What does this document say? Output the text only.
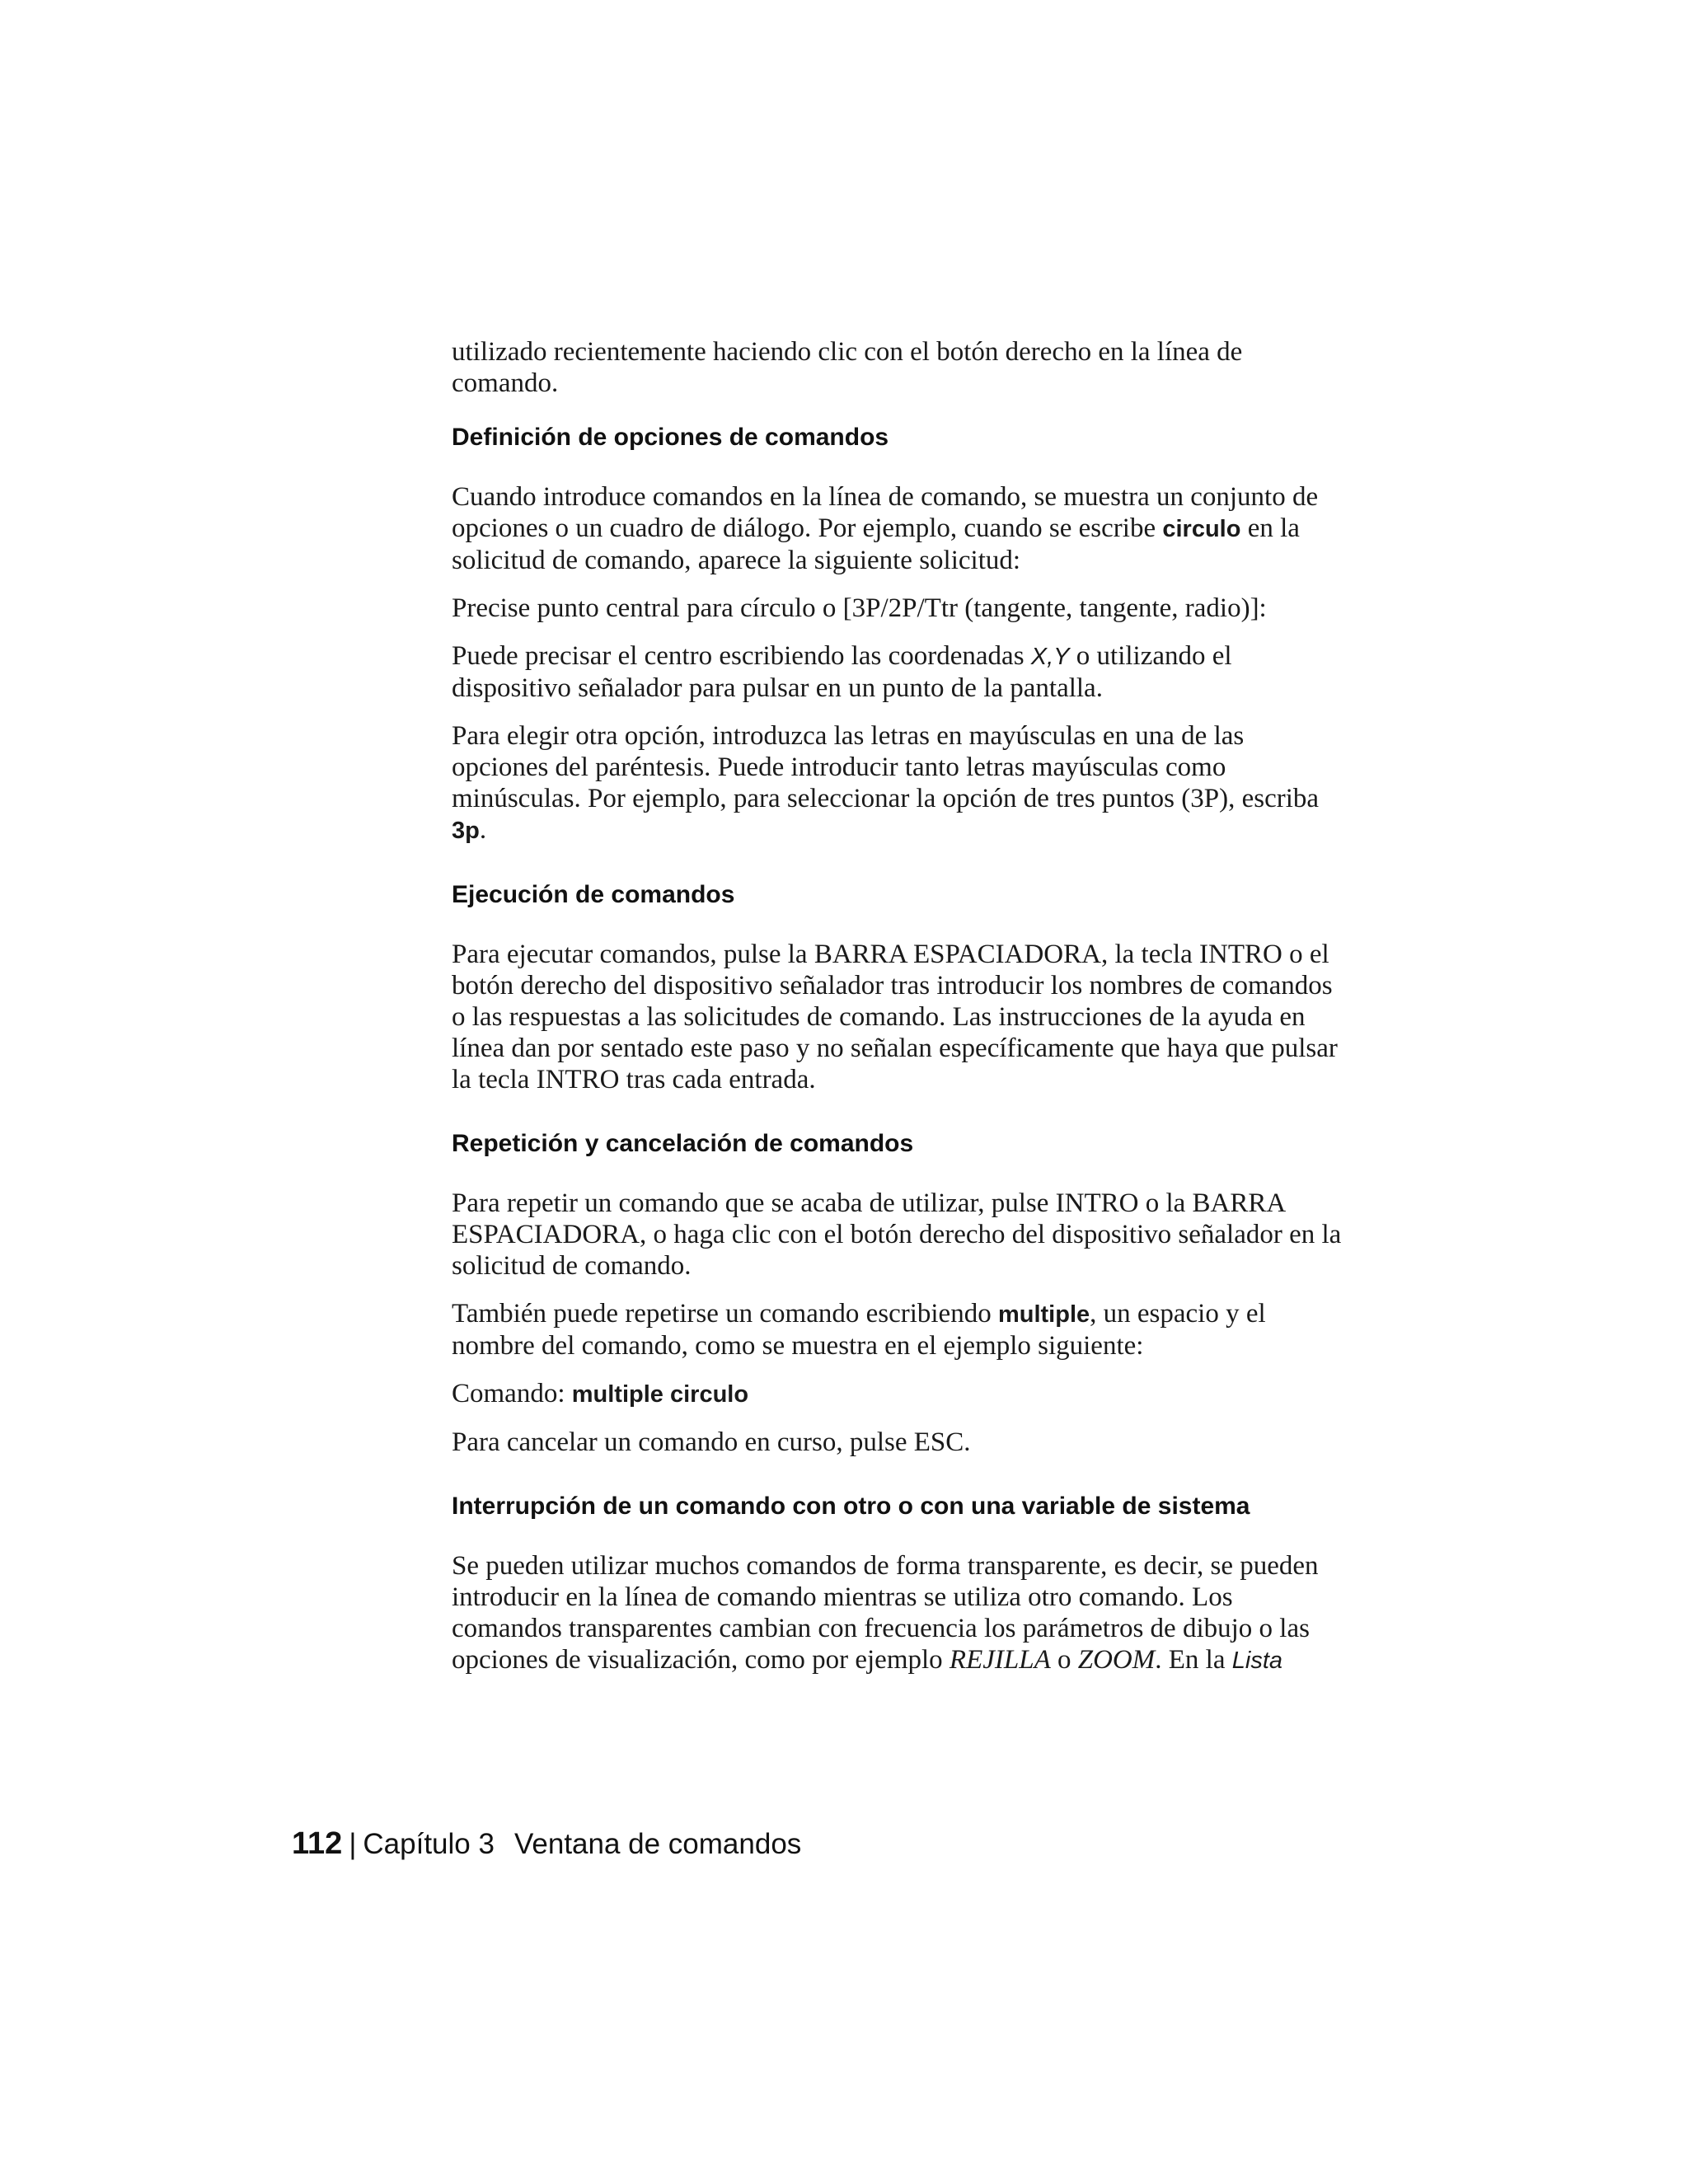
utilizado recientemente haciendo clic con el botón derecho en la línea de comando.

Definición de opciones de comandos

Cuando introduce comandos en la línea de comando, se muestra un conjunto de opciones o un cuadro de diálogo. Por ejemplo, cuando se escribe circulo en la solicitud de comando, aparece la siguiente solicitud:

Precise punto central para círculo o [3P/2P/Ttr (tangente, tangente, radio)]:

Puede precisar el centro escribiendo las coordenadas X,Y o utilizando el dispositivo señalador para pulsar en un punto de la pantalla.

Para elegir otra opción, introduzca las letras en mayúsculas en una de las opciones del paréntesis. Puede introducir tanto letras mayúsculas como minúsculas. Por ejemplo, para seleccionar la opción de tres puntos (3P), escriba 3p.

Ejecución de comandos

Para ejecutar comandos, pulse la BARRA ESPACIADORA, la tecla INTRO o el botón derecho del dispositivo señalador tras introducir los nombres de comandos o las respuestas a las solicitudes de comando. Las instrucciones de la ayuda en línea dan por sentado este paso y no señalan específicamente que haya que pulsar la tecla INTRO tras cada entrada.

Repetición y cancelación de comandos

Para repetir un comando que se acaba de utilizar, pulse INTRO o la BARRA ESPACIADORA, o haga clic con el botón derecho del dispositivo señalador en la solicitud de comando.

También puede repetirse un comando escribiendo multiple, un espacio y el nombre del comando, como se muestra en el ejemplo siguiente:

Comando: multiple circulo

Para cancelar un comando en curso, pulse ESC.

Interrupción de un comando con otro o con una variable de sistema

Se pueden utilizar muchos comandos de forma transparente, es decir, se pueden introducir en la línea de comando mientras se utiliza otro comando. Los comandos transparentes cambian con frecuencia los parámetros de dibujo o las opciones de visualización, como por ejemplo REJILLA o ZOOM. En la Lista

112 | Capítulo 3 Ventana de comandos
